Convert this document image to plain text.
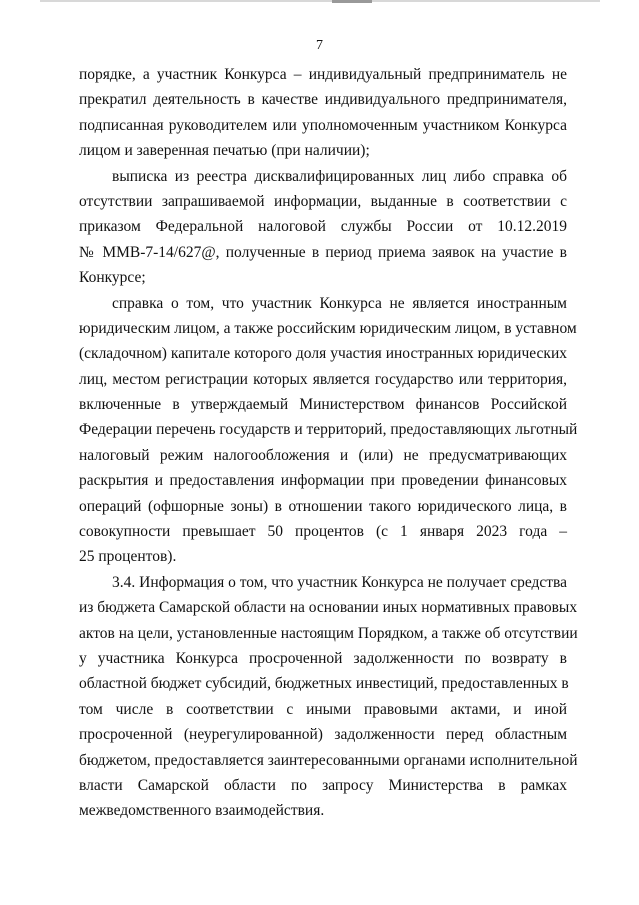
7
порядке, а участник Конкурса – индивидуальный предприниматель не
прекратил деятельность в качестве индивидуального предпринимателя,
подписанная руководителем или уполномоченным участником Конкурса
лицом и заверенная печатью (при наличии);
выписка из реестра дисквалифицированных лиц либо справка об
отсутствии запрашиваемой информации, выданные в соответствии с
приказом Федеральной налоговой службы России от 10.12.2019
№ ММВ-7-14/627@, полученные в период приема заявок на участие в
Конкурсе;
справка о том, что участник Конкурса не является иностранным
юридическим лицом, а также российским юридическим лицом, в уставном
(складочном) капитале которого доля участия иностранных юридических
лиц, местом регистрации которых является государство или территория,
включенные в утверждаемый Министерством финансов Российской
Федерации перечень государств и территорий, предоставляющих льготный
налоговый режим налогообложения и (или) не предусматривающих
раскрытия и предоставления информации при проведении финансовых
операций (офшорные зоны) в отношении такого юридического лица, в
совокупности превышает 50 процентов (с 1 января 2023 года –
25 процентов).
3.4. Информация о том, что участник Конкурса не получает средства
из бюджета Самарской области на основании иных нормативных правовых
актов на цели, установленные настоящим Порядком, а также об отсутствии
у участника Конкурса просроченной задолженности по возврату в
областной бюджет субсидий, бюджетных инвестиций, предоставленных в
том числе в соответствии с иными правовыми актами, и иной
просроченной (неурегулированной) задолженности перед областным
бюджетом, предоставляется заинтересованными органами исполнительной
власти Самарской области по запросу Министерства в рамках
межведомственного взаимодействия.
